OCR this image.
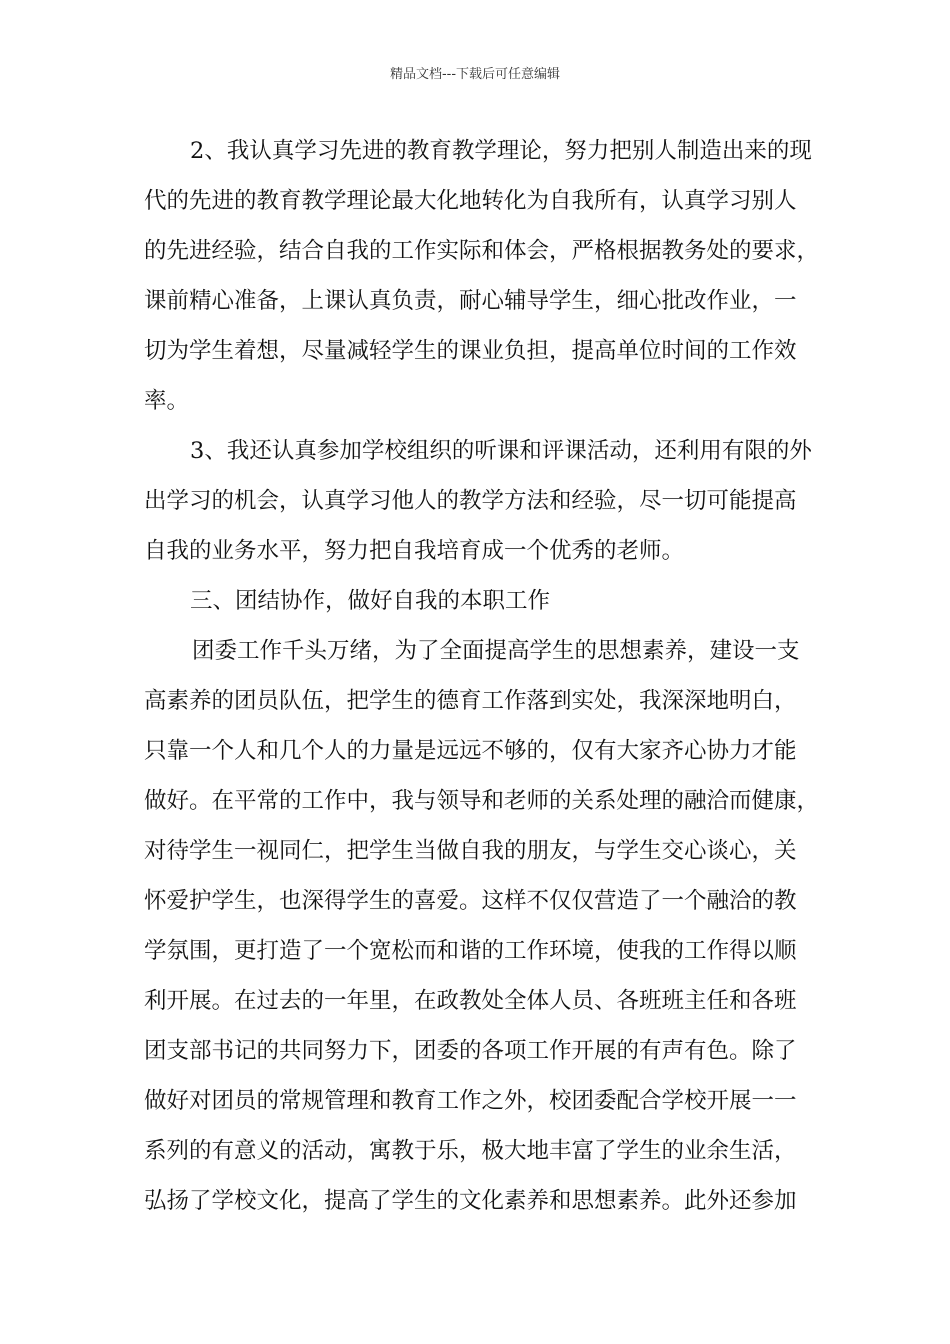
精品文档---下载后可任意编辑
2、我认真学习先进的教育教学理论，努力把别人制造出来的现
代的先进的教育教学理论最大化地转化为自我所有，认真学习别人
的先进经验，结合自我的工作实际和体会，严格根据教务处的要求，
课前精心准备，上课认真负责，耐心辅导学生，细心批改作业，一
切为学生着想，尽量减轻学生的课业负担，提高单位时间的工作效
率。
3、我还认真参加学校组织的听课和评课活动，还利用有限的外
出学习的机会，认真学习他人的教学方法和经验，尽一切可能提高
自我的业务水平，努力把自我培育成一个优秀的老师。
三、团结协作，做好自我的本职工作
团委工作千头万绪，为了全面提高学生的思想素养，建设一支
高素养的团员队伍，把学生的德育工作落到实处，我深深地明白，
只靠一个人和几个人的力量是远远不够的，仅有大家齐心协力才能
做好。在平常的工作中，我与领导和老师的关系处理的融洽而健康，
对待学生一视同仁，把学生当做自我的朋友，与学生交心谈心，关
怀爱护学生，也深得学生的喜爱。这样不仅仅营造了一个融洽的教
学氛围，更打造了一个宽松而和谐的工作环境，使我的工作得以顺
利开展。在过去的一年里，在政教处全体人员、各班班主任和各班
团支部书记的共同努力下，团委的各项工作开展的有声有色。除了
做好对团员的常规管理和教育工作之外，校团委配合学校开展一一
系列的有意义的活动，寓教于乐，极大地丰富了学生的业余生活，
弘扬了学校文化，提高了学生的文化素养和思想素养。此外还参加
